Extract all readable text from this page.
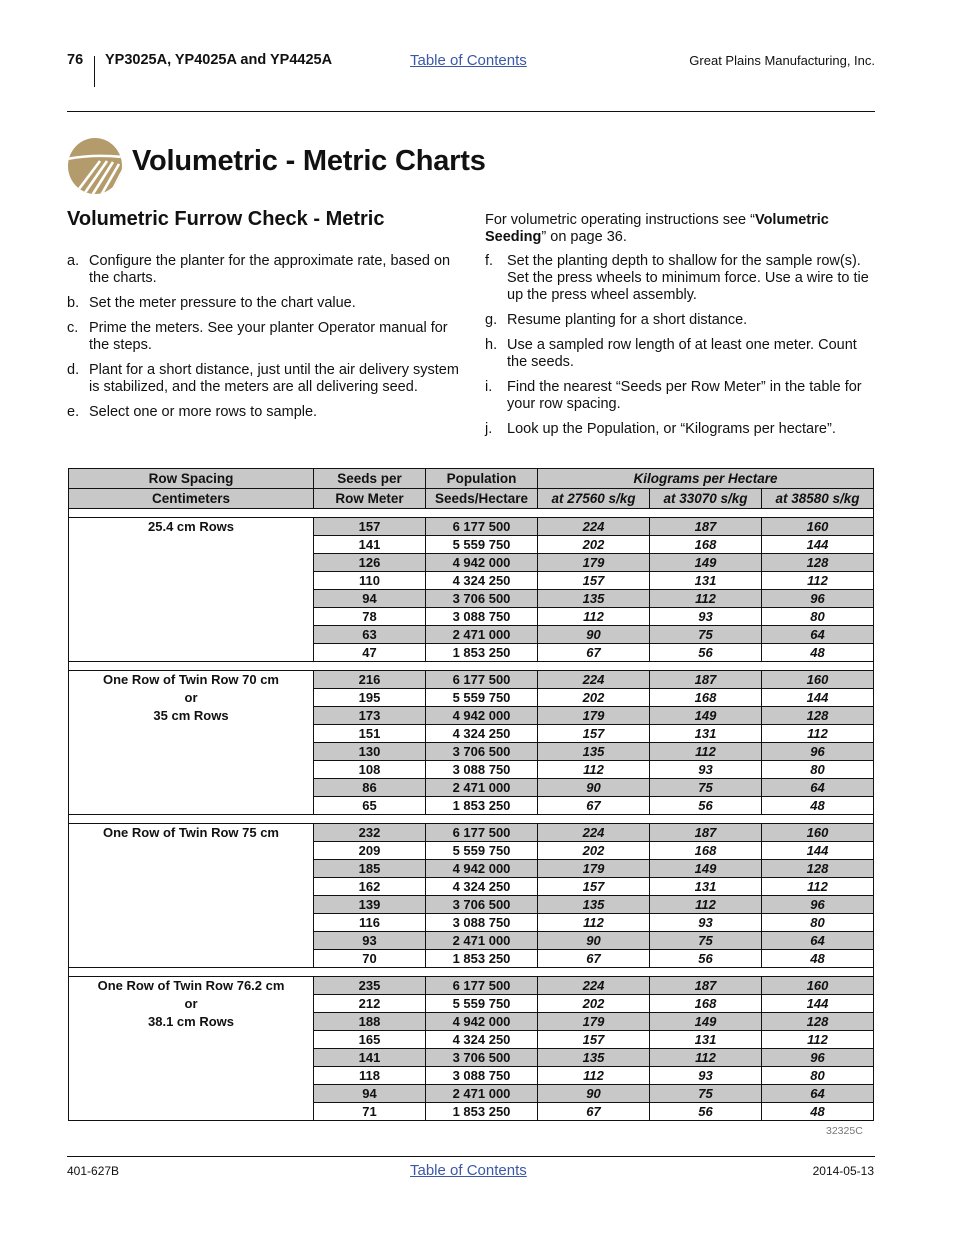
76 YP3025A, YP4025A and YP4425A	Table of Contents	Great Plains Manufacturing, Inc.
Volumetric - Metric Charts
Volumetric Furrow Check - Metric
a. Configure the planter for the approximate rate, based on the charts.
b. Set the meter pressure to the chart value.
c. Prime the meters. See your planter Operator manual for the steps.
d. Plant for a short distance, just until the air delivery system is stabilized, and the meters are all delivering seed.
e. Select one or more rows to sample.
For volumetric operating instructions see “Volumetric Seeding” on page 36.
f. Set the planting depth to shallow for the sample row(s). Set the press wheels to minimum force. Use a wire to tie up the press wheel assembly.
g. Resume planting for a short distance.
h. Use a sampled row length of at least one meter. Count the seeds.
i. Find the nearest “Seeds per Row Meter” in the table for your row spacing.
j. Look up the Population, or “Kilograms per hectare”.
Row Spacing	Seeds per	Population	Kilograms per Hectare		
Centimeters	Row Meter	Seeds/Hectare	at 27560 s/kg	at 33070 s/kg	at 38580 s/kg

25.4 cm Rows	157	6 177 500	224	187	160
	141	5 559 750	202	168	144
	126	4 942 000	179	149	128
	110	4 324 250	157	131	112
	94	3 706 500	135	112	96
	78	3 088 750	112	93	80
	63	2 471 000	90	75	64
	47	1 853 250	67	56	48

One Row of Twin Row 70 cm
or
35 cm Rows	216	6 177 500	224	187	160
	195	5 559 750	202	168	144
	173	4 942 000	179	149	128
	151	4 324 250	157	131	112
	130	3 706 500	135	112	96
	108	3 088 750	112	93	80
	86	2 471 000	90	75	64
	65	1 853 250	67	56	48

One Row of Twin Row 75 cm	232	6 177 500	224	187	160
	209	5 559 750	202	168	144
	185	4 942 000	179	149	128
	162	4 324 250	157	131	112
	139	3 706 500	135	112	96
	116	3 088 750	112	93	80
	93	2 471 000	90	75	64
	70	1 853 250	67	56	48

One Row of Twin Row 76.2 cm
or
38.1 cm Rows	235	6 177 500	224	187	160
	212	5 559 750	202	168	144
	188	4 942 000	179	149	128
	165	4 324 250	157	131	112
	141	3 706 500	135	112	96
	118	3 088 750	112	93	80
	94	2 471 000	90	75	64
	71	1 853 250	67	56	48
32325C
401-627B	Table of Contents	2014-05-13
